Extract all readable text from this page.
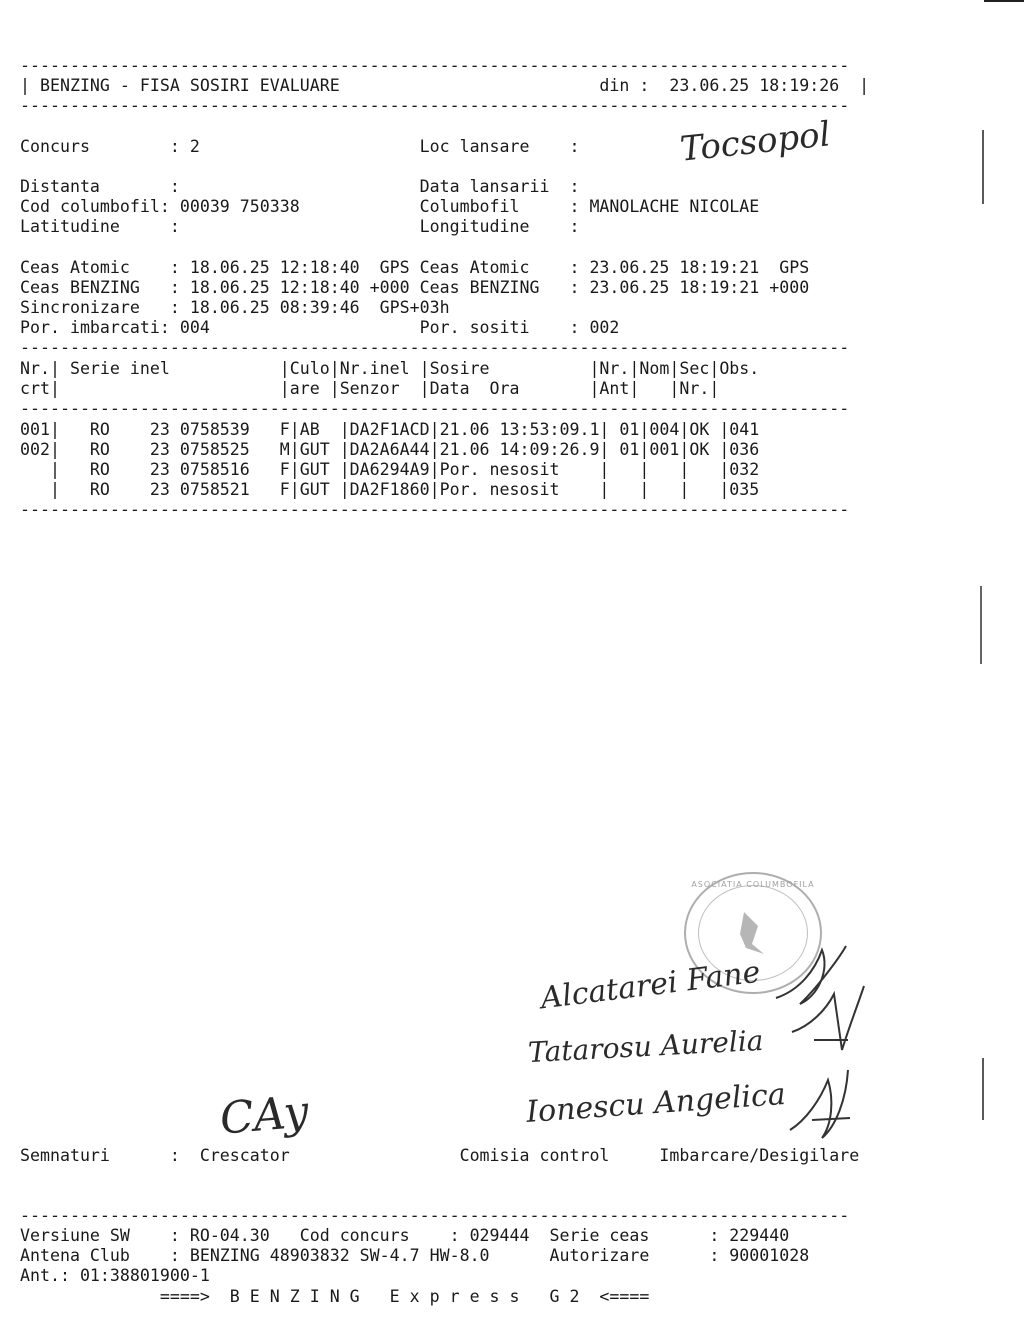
-----------------------------------------------------------------------------------
| BENZING - FISA SOSIRI EVALUARE                          din :  23.06.25 18:19:26  |
-----------------------------------------------------------------------------------
Concurs        : 2                      Loc lansare    :
Distanta       :                        Data lansarii  :
Cod columbofil: 00039 750338            Columbofil     : MANOLACHE NICOLAE
Latitudine     :                        Longitudine    :
Ceas Atomic    : 18.06.25 12:18:40  GPS Ceas Atomic    : 23.06.25 18:19:21  GPS
Ceas BENZING   : 18.06.25 12:18:40 +000 Ceas BENZING   : 23.06.25 18:19:21 +000
Sincronizare   : 18.06.25 08:39:46  GPS+03h
Por. imbarcati: 004                     Por. sositi    : 002
-----------------------------------------------------------------------------------
Nr.| Serie inel           |Culo|Nr.inel |Sosire          |Nr.|Nom|Sec|Obs.
crt|                      |are |Senzor  |Data  Ora       |Ant|   |Nr.|
-----------------------------------------------------------------------------------
001|   RO    23 0758539   F|AB  |DA2F1ACD|21.06 13:53:09.1| 01|004|OK |041
002|   RO    23 0758525   M|GUT |DA2A6A44|21.06 14:09:26.9| 01|001|OK |036
|   RO    23 0758516   F|GUT |DA6294A9|Por. nesosit    |   |   |   |032
|   RO    23 0758521   F|GUT |DA2F1860|Por. nesosit    |   |   |   |035
-----------------------------------------------------------------------------------
Semnaturi      :  Crescator                 Comisia control     Imbarcare/Desigilare
-----------------------------------------------------------------------------------
Versiune SW    : RO-04.30   Cod concurs    : 029444  Serie ceas      : 229440
Antena Club    : BENZING 48903832 SW-4.7 HW-8.0      Autorizare      : 90001028
Ant.: 01:38801900-1
====>  B E N Z I N G   E x p r e s s   G 2  <====
Tocsopol
ASOCIATIA COLUMBOFILA
Alcatarei Fane
Tatarosu Aurelia
Ionescu Angelica
CAy
